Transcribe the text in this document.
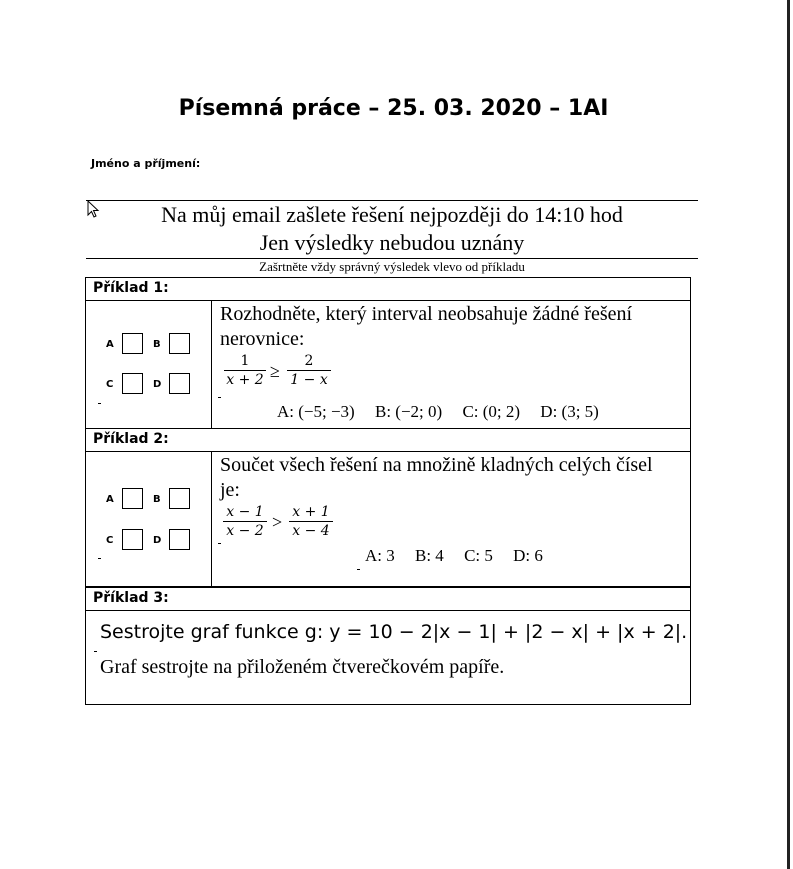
Písemná práce – 25. 03. 2020 – 1AI
Jméno a příjmení:
Na můj email zašlete řešení nejpozději do 14:10 hod
Jen výsledky nebudou uznány
Zašrtněte vždy správný výsledek vlevo od příkladu
Příklad 1:
A	B
C	D
Rozhodněte, který interval neobsahuje žádné řešení
nerovnice:
1
x + 2 ≥	2
1 − x
A: (−5; −3) B: (−2; 0) C: (0; 2) D: (3; 5)
Příklad 2:
A	B
C	D
Součet všech řešení na množině kladných celých čísel
je:
x − 1
x − 2 > x + 1
x − 4
A: 3 B: 4 C: 5 D: 6
Příklad 3:
Sestrojte graf funkce g: y = 10 − 2|x − 1| + |2 − x| + |x + 2|.
Graf sestrojte na přiloženém čtverečkovém papíře.
